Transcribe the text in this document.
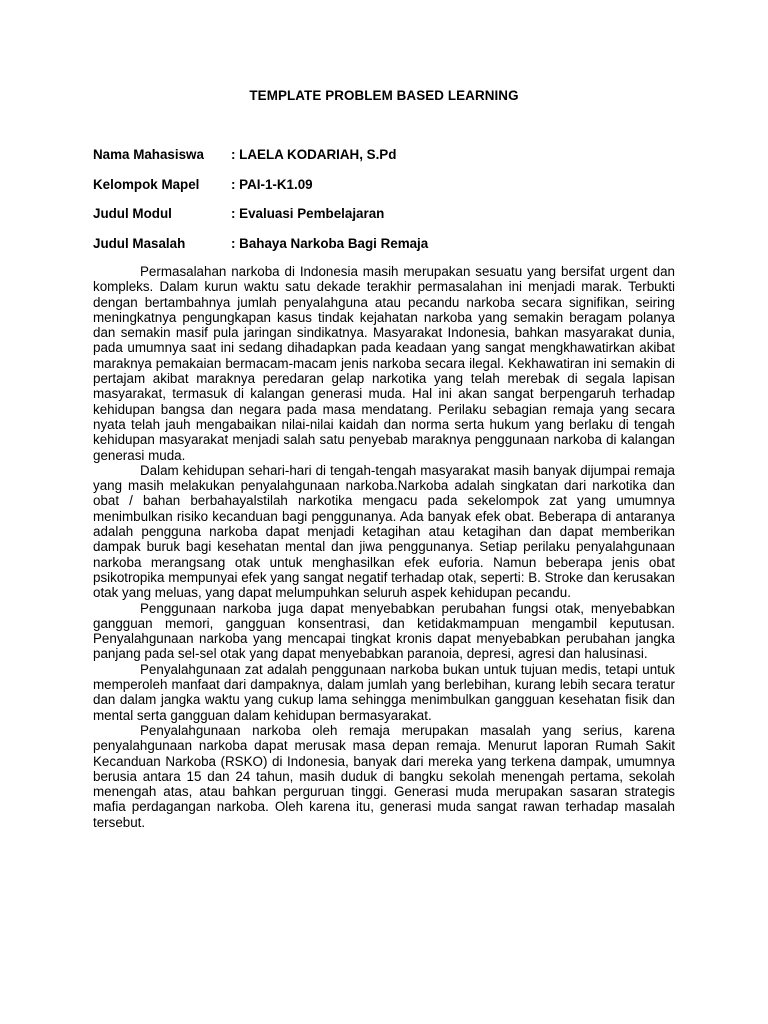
TEMPLATE PROBLEM BASED LEARNING
Nama Mahasiswa : LAELA KODARIAH, S.Pd
Kelompok Mapel : PAI-1-K1.09
Judul Modul	: Evaluasi Pembelajaran
Judul Masalah	: Bahaya Narkoba Bagi Remaja

Permasalahan narkoba di Indonesia masih merupakan sesuatu yang bersifat urgent dan kompleks. Dalam kurun waktu satu dekade terakhir permasalahan ini menjadi marak. Terbukti dengan bertambahnya jumlah penyalahguna atau pecandu narkoba secara signifikan, seiring meningkatnya pengungkapan kasus tindak kejahatan narkoba yang semakin beragam polanya dan semakin masif pula jaringan sindikatnya. Masyarakat Indonesia, bahkan masyarakat dunia, pada umumnya saat ini sedang dihadapkan pada keadaan yang sangat mengkhawatirkan akibat maraknya pemakaian bermacam-macam jenis narkoba secara ilegal. Kekhawatiran ini semakin di pertajam akibat maraknya peredaran gelap narkotika yang telah merebak di segala lapisan masyarakat, termasuk di kalangan generasi muda. Hal ini akan sangat berpengaruh terhadap kehidupan bangsa dan negara pada masa mendatang. Perilaku sebagian remaja yang secara nyata telah jauh mengabaikan nilai-nilai kaidah dan norma serta hukum yang berlaku di tengah kehidupan masyarakat menjadi salah satu penyebab maraknya penggunaan narkoba di kalangan generasi muda.

Dalam kehidupan sehari-hari di tengah-tengah masyarakat masih banyak dijumpai remaja yang masih melakukan penyalahgunaan narkoba.Narkoba adalah singkatan dari narkotika dan obat / bahan berbahayalstilah narkotika mengacu pada sekelompok zat yang umumnya menimbulkan risiko kecanduan bagi penggunanya. Ada banyak efek obat. Beberapa di antaranya adalah pengguna narkoba dapat menjadi ketagihan atau ketagihan dan dapat memberikan dampak buruk bagi kesehatan mental dan jiwa penggunanya. Setiap perilaku penyalahgunaan narkoba merangsang otak untuk menghasilkan efek euforia. Namun beberapa jenis obat psikotropika mempunyai efek yang sangat negatif terhadap otak, seperti: B. Stroke dan kerusakan otak yang meluas, yang dapat melumpuhkan seluruh aspek kehidupan pecandu.

Penggunaan narkoba juga dapat menyebabkan perubahan fungsi otak, menyebabkan gangguan memori, gangguan konsentrasi, dan ketidakmampuan mengambil keputusan. Penyalahgunaan narkoba yang mencapai tingkat kronis dapat menyebabkan perubahan jangka panjang pada sel-sel otak yang dapat menyebabkan paranoia, depresi, agresi dan halusinasi.

Penyalahgunaan zat adalah penggunaan narkoba bukan untuk tujuan medis, tetapi untuk memperoleh manfaat dari dampaknya, dalam jumlah yang berlebihan, kurang lebih secara teratur dan dalam jangka waktu yang cukup lama sehingga menimbulkan gangguan kesehatan fisik dan mental serta gangguan dalam kehidupan bermasyarakat.

Penyalahgunaan narkoba oleh remaja merupakan masalah yang serius, karena penyalahgunaan narkoba dapat merusak masa depan remaja. Menurut laporan Rumah Sakit Kecanduan Narkoba (RSKO) di Indonesia, banyak dari mereka yang terkena dampak, umumnya berusia antara 15 dan 24 tahun, masih duduk di bangku sekolah menengah pertama, sekolah menengah atas, atau bahkan perguruan tinggi. Generasi muda merupakan sasaran strategis mafia perdagangan narkoba. Oleh karena itu, generasi muda sangat rawan terhadap masalah tersebut.
